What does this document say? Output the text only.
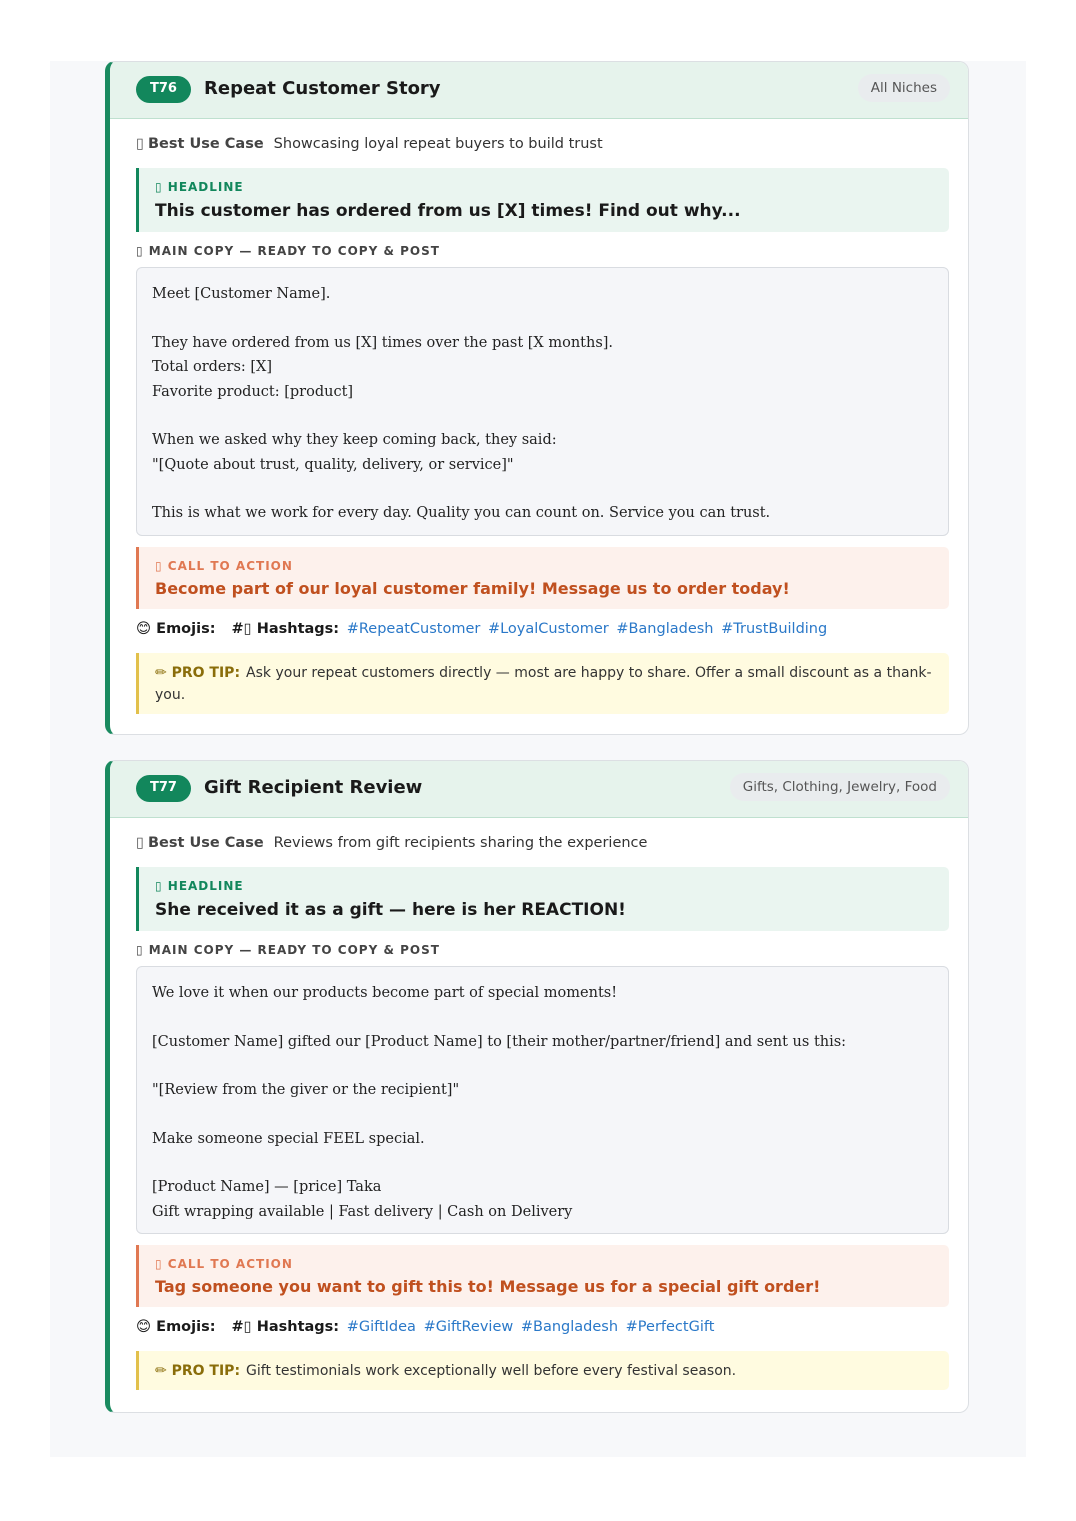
T76	Repeat Customer Story	All Niches
▯ Best Use Case Showcasing loyal repeat buyers to build trust
▯ HEADLINE
This customer has ordered from us [X] times! Find out why...
▯ MAIN COPY — READY TO COPY & POST
Meet [Customer Name].
They have ordered from us [X] times over the past [X months].
Total orders: [X]
Favorite product: [product]
When we asked why they keep coming back, they said:
"[Quote about trust, quality, delivery, or service]"
This is what we work for every day. Quality you can count on. Service you can trust.
▯ CALL TO ACTION
Become part of our loyal customer family! Message us to order today!
😊 Emojis: #▯ Hashtags: #RepeatCustomer #LoyalCustomer #Bangladesh #TrustBuilding
✏ PRO TIP: Ask your repeat customers directly — most are happy to share. Offer a small discount as a thank-you.
T77	Gift Recipient Review	Gifts, Clothing, Jewelry, Food
▯ Best Use Case Reviews from gift recipients sharing the experience
▯ HEADLINE
She received it as a gift — here is her REACTION!
▯ MAIN COPY — READY TO COPY & POST
We love it when our products become part of special moments!
[Customer Name] gifted our [Product Name] to [their mother/partner/friend] and sent us this:
"[Review from the giver or the recipient]"
Make someone special FEEL special.
[Product Name] — [price] Taka
Gift wrapping available | Fast delivery | Cash on Delivery
▯ CALL TO ACTION
Tag someone you want to gift this to! Message us for a special gift order!
😊 Emojis: #▯ Hashtags: #GiftIdea #GiftReview #Bangladesh #PerfectGift
✏ PRO TIP: Gift testimonials work exceptionally well before every festival season.
